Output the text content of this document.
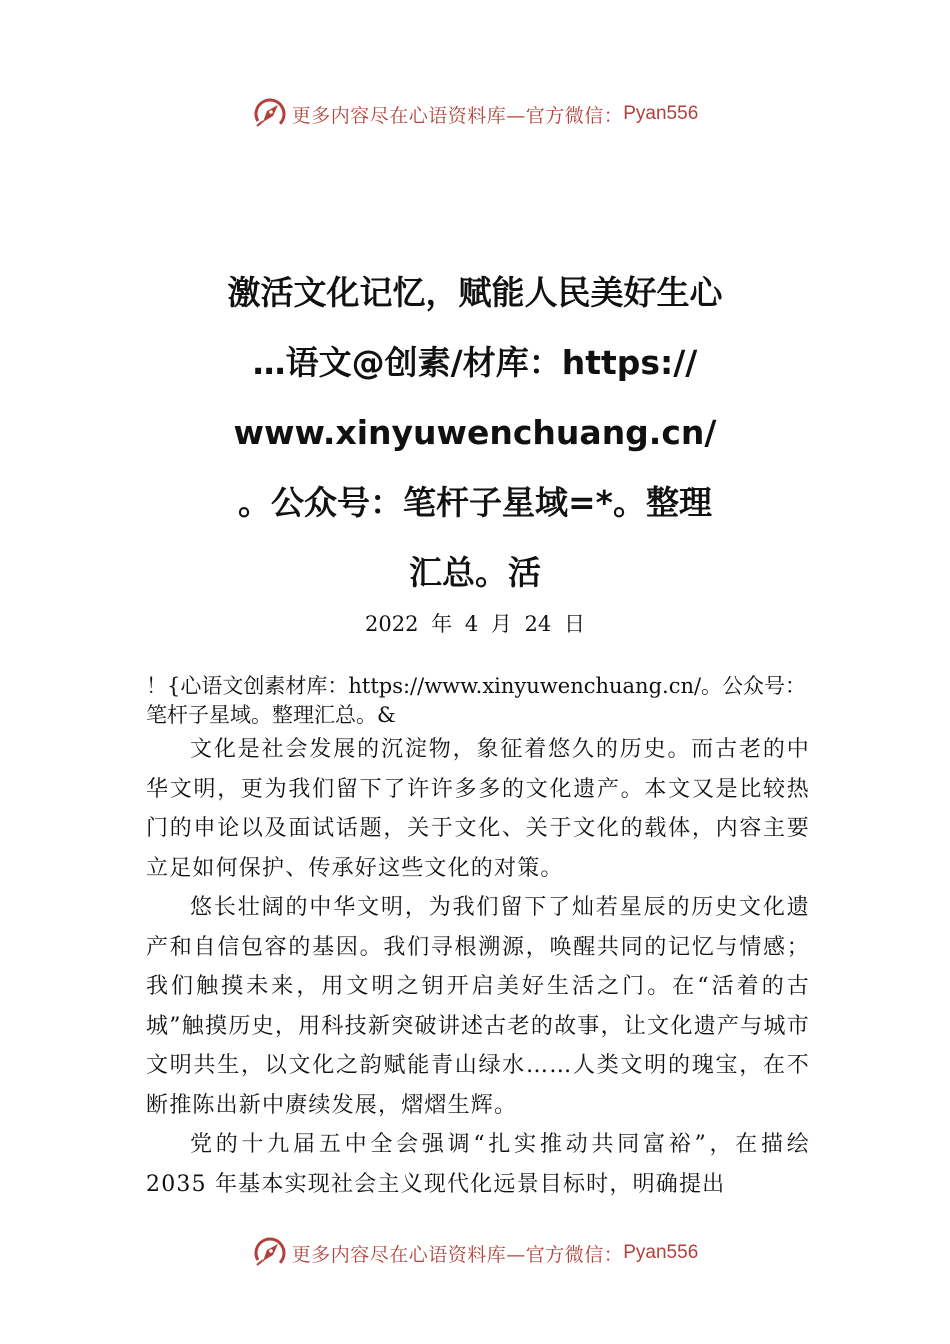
更多内容尽在心语资料库—官方微信： Pyan556
激活文化记忆，赋能人民美好生心
…语文@创素/材库：https://
www.xinyuwenchuang.cn/
。公众号：笔杆子星域=*。整理
汇总。活
2022 年 4 月 24 日

！{心语文创素材库：https://www.xinyuwenchuang.cn/。公众号：笔杆子星域。整理汇总。&

文化是社会发展的沉淀物，象征着悠久的历史。而古老的中华文明，更为我们留下了许许多多的文化遗产。本文又是比较热门的申论以及面试话题，关于文化、关于文化的载体，内容主要立足如何保护、传承好这些文化的对策。

悠长壮阔的中华文明，为我们留下了灿若星辰的历史文化遗产和自信包容的基因。我们寻根溯源，唤醒共同的记忆与情感；我们触摸未来，用文明之钥开启美好生活之门。在“活着的古城”触摸历史，用科技新突破讲述古老的故事，让文化遗产与城市文明共生，以文化之韵赋能青山绿水……人类文明的瑰宝，在不断推陈出新中赓续发展，熠熠生辉。

党的十九届五中全会强调“扎实推动共同富裕”，在描绘 2035 年基本实现社会主义现代化远景目标时，明确提出

更多内容尽在心语资料库—官方微信： Pyan556
